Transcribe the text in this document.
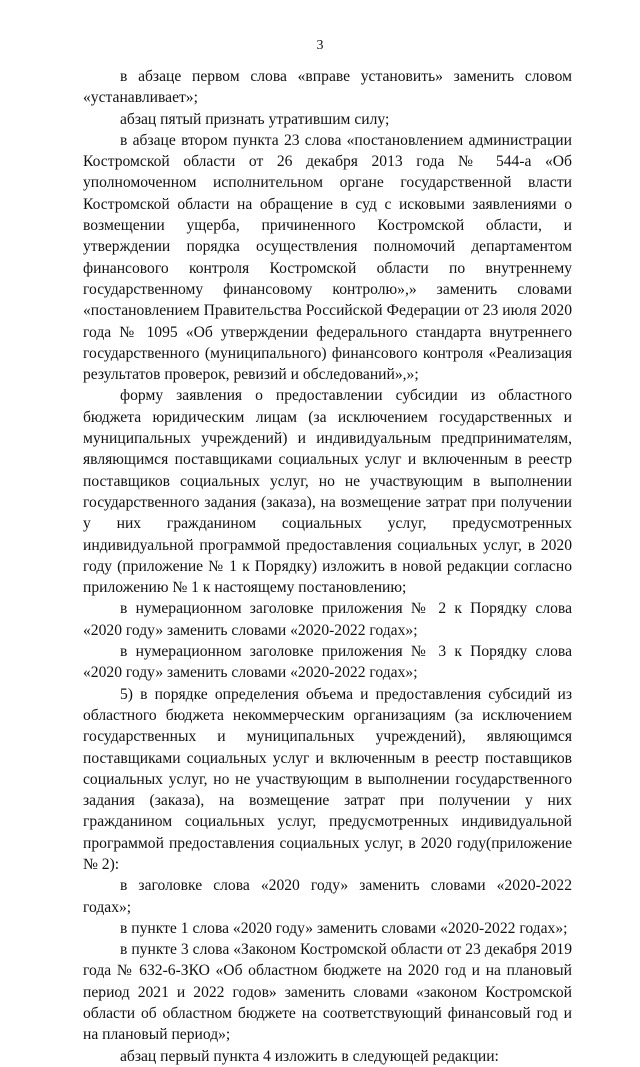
3

в абзаце первом слова «вправе установить» заменить словом «устанавливает»;

абзац пятый признать утратившим силу;

в абзаце втором пункта 23 слова «постановлением администрации Костромской области от 26 декабря 2013 года № 544-а «Об уполномоченном исполнительном органе государственной власти Костромской области на обращение в суд с исковыми заявлениями о возмещении ущерба, причиненного Костромской области, и утверждении порядка осуществления полномочий департаментом финансового контроля Костромской области по внутреннему государственному финансовому контролю»,» заменить словами «постановлением Правительства Российской Федерации от 23 июля 2020 года № 1095 «Об утверждении федерального стандарта внутреннего государственного (муниципального) финансового контроля «Реализация результатов проверок, ревизий и обследований»,»;

форму заявления о предоставлении субсидии из областного бюджета юридическим лицам (за исключением государственных и муниципальных учреждений) и индивидуальным предпринимателям, являющимся поставщиками социальных услуг и включенным в реестр поставщиков социальных услуг, но не участвующим в выполнении государственного задания (заказа), на возмещение затрат при получении у них гражданином социальных услуг, предусмотренных индивидуальной программой предоставления социальных услуг, в 2020 году (приложение № 1 к Порядку) изложить в новой редакции согласно приложению № 1 к настоящему постановлению;

в нумерационном заголовке приложения № 2 к Порядку слова «2020 году» заменить словами «2020-2022 годах»;

в нумерационном заголовке приложения № 3 к Порядку слова «2020 году» заменить словами «2020-2022 годах»;

5) в порядке определения объема и предоставления субсидий из областного бюджета некоммерческим организациям (за исключением государственных и муниципальных учреждений), являющимся поставщиками социальных услуг и включенным в реестр поставщиков социальных услуг, но не участвующим в выполнении государственного задания (заказа), на возмещение затрат при получении у них гражданином социальных услуг, предусмотренных индивидуальной программой предоставления социальных услуг, в 2020 году(приложение № 2):

в заголовке слова «2020 году» заменить словами «2020-2022 годах»;

в пункте 1 слова «2020 году» заменить словами «2020-2022 годах»;

в пункте 3 слова «Законом Костромской области от 23 декабря 2019 года № 632-6-ЗКО «Об областном бюджете на 2020 год и на плановый период 2021 и 2022 годов» заменить словами «законом Костромской области об областном бюджете на соответствующий финансовый год и на плановый период»;

абзац первый пункта 4 изложить в следующей редакции:
